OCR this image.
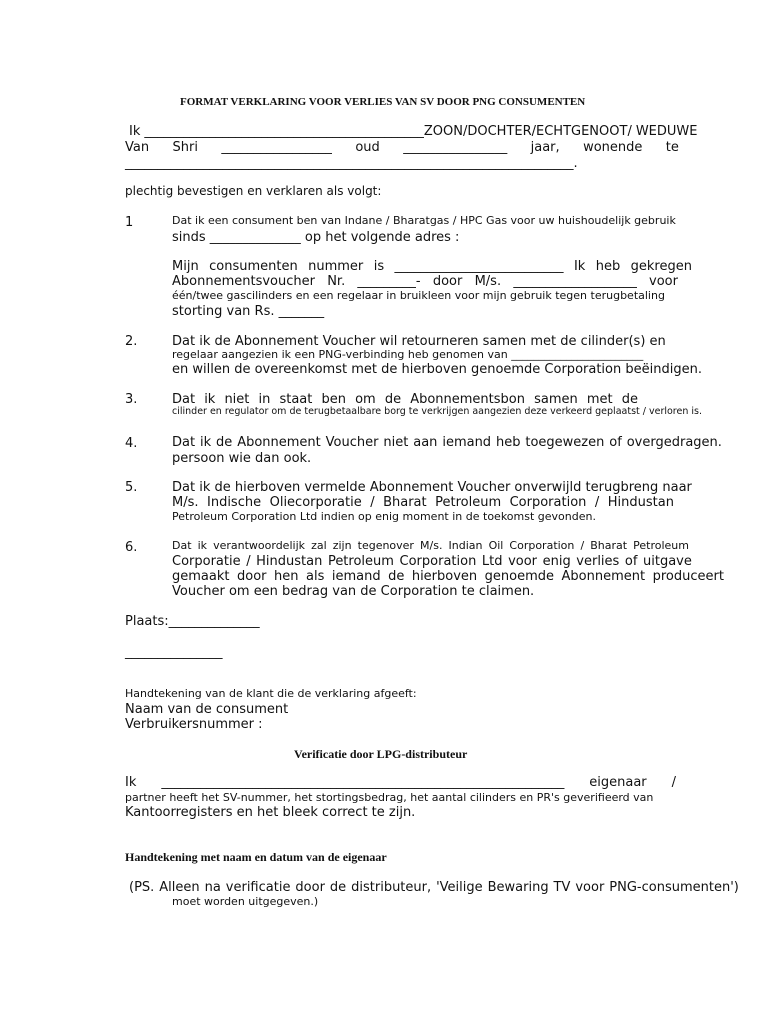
FORMAT VERKLARING VOOR VERLIES VAN SV DOOR PNG CONSUMENTEN
Ik ___________________________________________ZOON/DOCHTER/ECHTGENOOT/ WEDUWE
Van Shri _________________ oud ________________ jaar, wonende te
_____________________________________________________________________.
plechtig bevestigen en verklaren als volgt:
1	Dat ik een consument ben van Indane / Bharatgas / HPC Gas voor uw huishoudelijk gebruik
sinds ______________ op het volgende adres :
Mijn consumenten nummer is __________________________ Ik heb gekregen
Abonnementsvoucher Nr. _________- door M/s. ___________________ voor
één/twee gascilinders en een regelaar in bruikleen voor mijn gebruik tegen terugbetaling
storting van Rs. _______
2.	Dat ik de Abonnement Voucher wil retourneren samen met de cilinder(s) en
regelaar aangezien ik een PNG-verbinding heb genomen van ________________________
en willen de overeenkomst met de hierboven genoemde Corporation beëindigen.
3.	Dat ik niet in staat ben om de Abonnementsbon samen met de
cilinder en regulator om de terugbetaalbare borg te verkrijgen aangezien deze verkeerd geplaatst / verloren is.
4.	Dat ik de Abonnement Voucher niet aan iemand heb toegewezen of overgedragen.
persoon wie dan ook.
5.	Dat ik de hierboven vermelde Abonnement Voucher onverwijld terugbreng naar
M/s. Indische Oliecorporatie / Bharat Petroleum Corporation / Hindustan
Petroleum Corporation Ltd indien op enig moment in de toekomst gevonden.
6.	Dat ik verantwoordelijk zal zijn tegenover M/s. Indian Oil Corporation / Bharat Petroleum
Corporatie / Hindustan Petroleum Corporation Ltd voor enig verlies of uitgave
gemaakt door hen als iemand de hierboven genoemde Abonnement produceert
Voucher om een bedrag van de Corporation te claimen.
Plaats:______________
_______________
Handtekening van de klant die de verklaring afgeeft:
Naam van de consument
Verbruikersnummer :
Verificatie door LPG-distributeur
Ik ______________________________________________________________ eigenaar /
partner heeft het SV-nummer, het stortingsbedrag, het aantal cilinders en PR's geverifieerd van
Kantoorregisters en het bleek correct te zijn.
Handtekening met naam en datum van de eigenaar
(PS. Alleen na verificatie door de distributeur, 'Veilige Bewaring TV voor PNG-consumenten')
moet worden uitgegeven.)
